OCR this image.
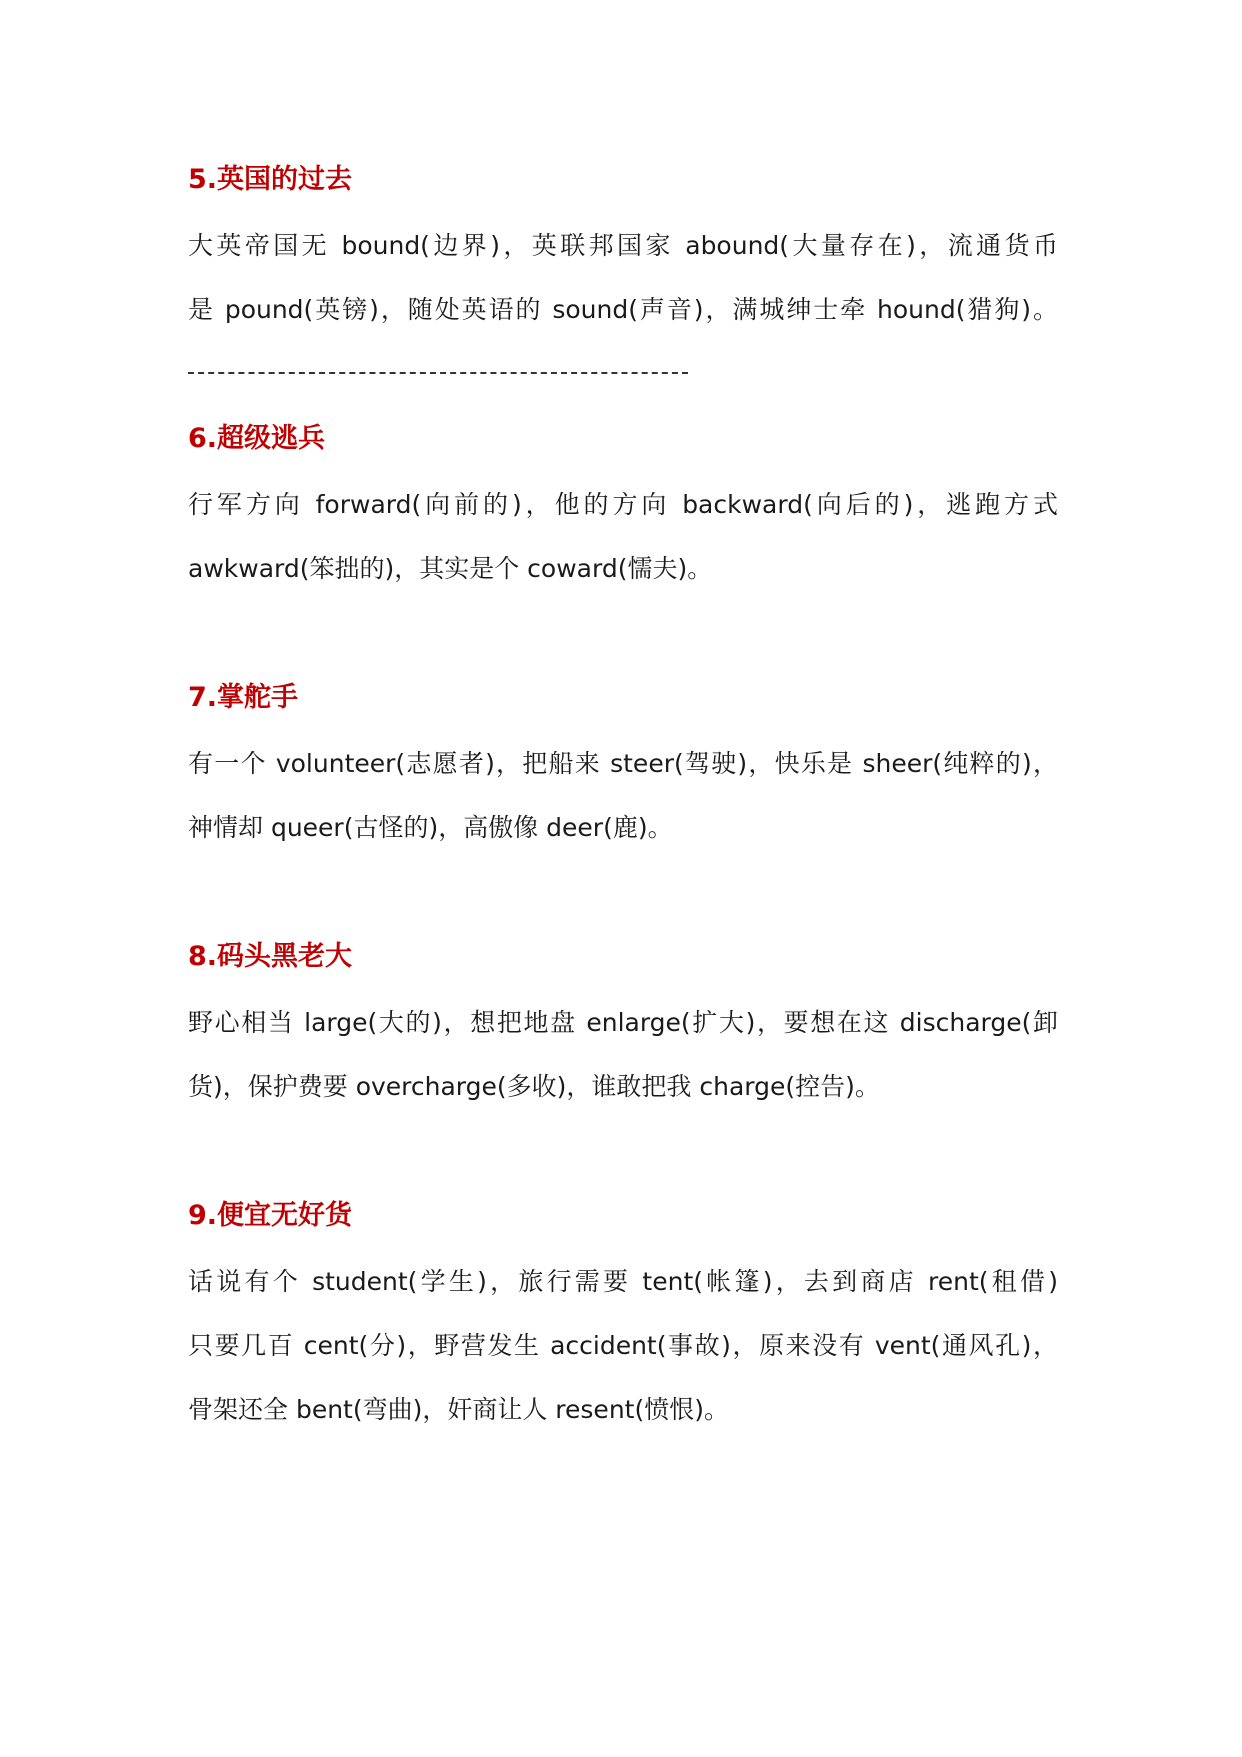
5.英国的过去

大英帝国无 bound(边界)，英联邦国家 abound(大量存在)，流通货币

是 pound(英镑)，随处英语的 sound(声音)，满城绅士牵 hound(猎狗)。

6.超级逃兵

行军方向 forward(向前的)，他的方向 backward(向后的)，逃跑方式

awkward(笨拙的)，其实是个 coward(懦夫)。

7.掌舵手

有一个 volunteer(志愿者)，把船来 steer(驾驶)，快乐是 sheer(纯粹的)，

神情却 queer(古怪的)，高傲像 deer(鹿)。

8.码头黑老大

野心相当 large(大的)，想把地盘 enlarge(扩大)，要想在这 discharge(卸

货)，保护费要 overcharge(多收)，谁敢把我 charge(控告)。

9.便宜无好货

话说有个 student(学生)，旅行需要 tent(帐篷)，去到商店 rent(租借)

只要几百 cent(分)，野营发生 accident(事故)，原来没有 vent(通风孔)，

骨架还全 bent(弯曲)，奸商让人 resent(愤恨)。
